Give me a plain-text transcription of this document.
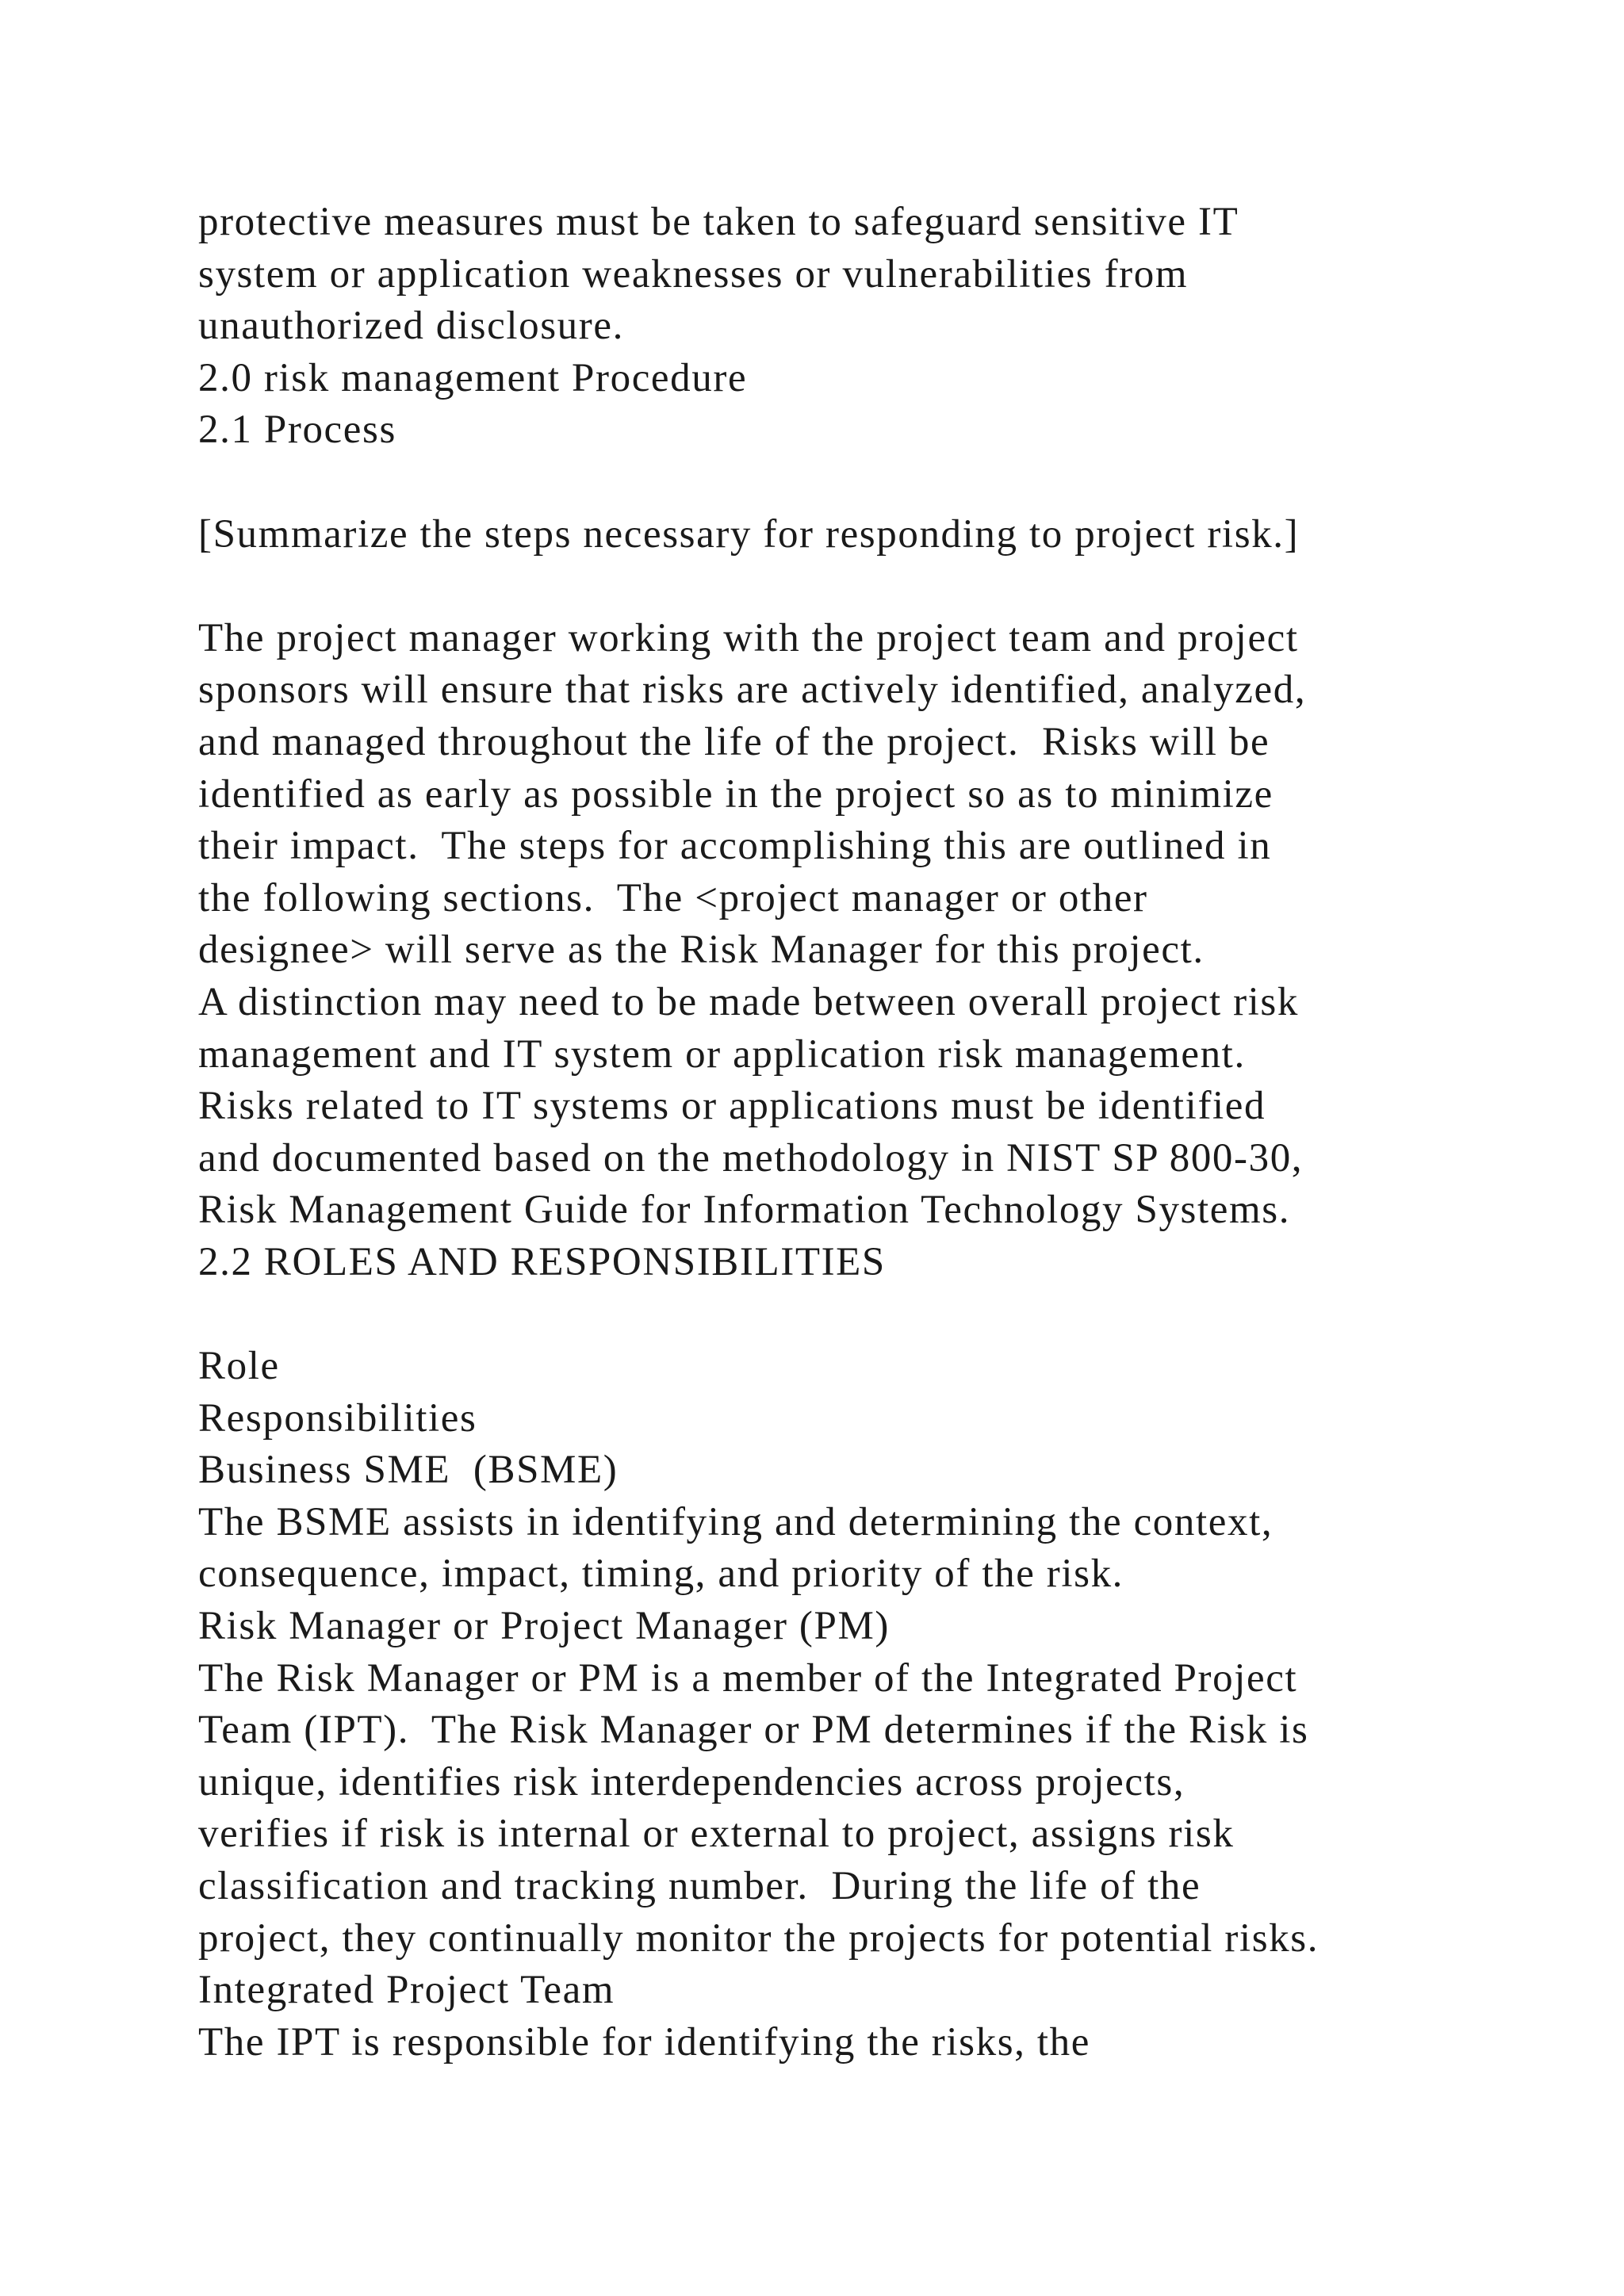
protective measures must be taken to safeguard sensitive IT
system or application weaknesses or vulnerabilities from
unauthorized disclosure.
2.0 risk management Procedure
2.1 Process
[Summarize the steps necessary for responding to project risk.]
The project manager working with the project team and project
sponsors will ensure that risks are actively identified, analyzed,
and managed throughout the life of the project.  Risks will be
identified as early as possible in the project so as to minimize
their impact.  The steps for accomplishing this are outlined in
the following sections.  The <project manager or other
designee> will serve as the Risk Manager for this project.
A distinction may need to be made between overall project risk
management and IT system or application risk management.
Risks related to IT systems or applications must be identified
and documented based on the methodology in NIST SP 800-30,
Risk Management Guide for Information Technology Systems.
2.2 ROLES AND RESPONSIBILITIES
Role
Responsibilities
Business SME  (BSME)
The BSME assists in identifying and determining the context,
consequence, impact, timing, and priority of the risk.
Risk Manager or Project Manager (PM)
The Risk Manager or PM is a member of the Integrated Project
Team (IPT).  The Risk Manager or PM determines if the Risk is
unique, identifies risk interdependencies across projects,
verifies if risk is internal or external to project, assigns risk
classification and tracking number.  During the life of the
project, they continually monitor the projects for potential risks.
Integrated Project Team
The IPT is responsible for identifying the risks, the
